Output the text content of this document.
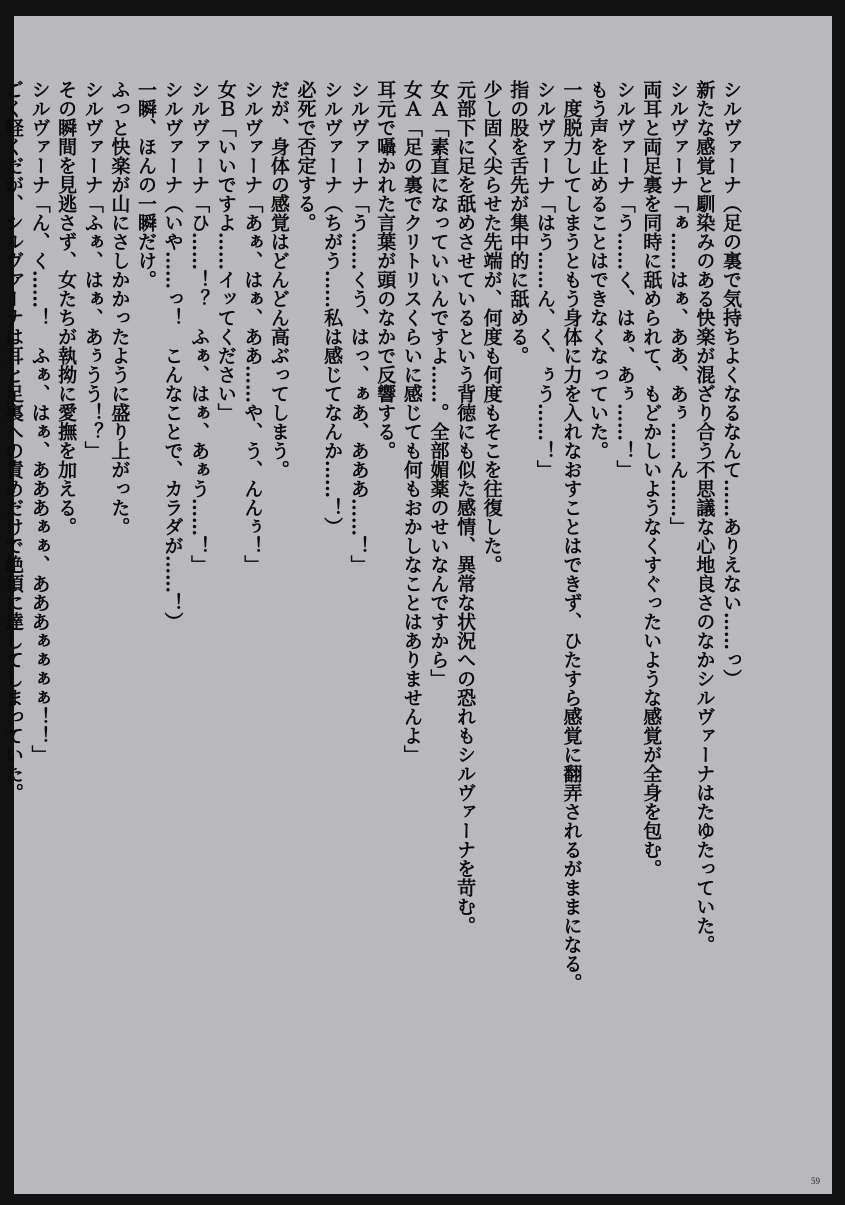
シルヴァーナ（足の裏で気持ちよくなるなんて……ありえない……っ）
新たな感覚と馴染みのある快楽が混ざり合う不思議な心地良さのなかシルヴァーナはたゆたっていた。
シルヴァーナ「ぁ……はぁ、ああ、あぅ……ん……」
両耳と両足裏を同時に舐められて、もどかしいようなくすぐったいような感覚が全身を包む。
シルヴァーナ「う……く、はぁ、あぅ……！」
もう声を止めることはできなくなっていた。
一度脱力してしまうともう身体に力を入れなおすことはできず、ひたすら感覚に翻弄されるがままになる。
シルヴァーナ「はう……ん、く、ぅう……！」
指の股を舌先が集中的に舐める。
少し固く尖らせた先端が、何度も何度もそこを往復した。
元部下に足を舐めさせているという背徳にも似た感情、異常な状況への恐れもシルヴァーナを苛む。
女Ａ「素直になっていいんですよ……。全部媚薬のせいなんですから」
女Ａ「足の裏でクリトリスくらいに感じても何もおかしなことはありませんよ」
耳元で囁かれた言葉が頭のなかで反響する。
シルヴァーナ「う……くう、はっ、ぁあ、あああ……！」
シルヴァーナ（ちがう……私は感じてなんか……！）
必死で否定する。
だが、身体の感覚はどんどん高ぶってしまう。
シルヴァーナ「あぁ、はぁ、ああ……や、う、んんぅ！」
女Ｂ「いいですよ……イッてください」
シルヴァーナ「ひ……！？　ふぁ、はぁ、あぁう……！」
シルヴァーナ（いや……っ！　こんなことで、カラダが……！）
一瞬、ほんの一瞬だけ。
ふっと快楽が山にさしかかったように盛り上がった。
シルヴァーナ「ふぁ、はぁ、あぅうう！？」
その瞬間を見逃さず、女たちが執拗に愛撫を加える。
シルヴァーナ「ん、く……！　ふぁ、はぁ、あああぁぁ、あああぁぁぁぁ！！」
ごく軽くだが、シルヴァーナは耳と足裏への責めだけで絶頂に達してしまっていた。
59
